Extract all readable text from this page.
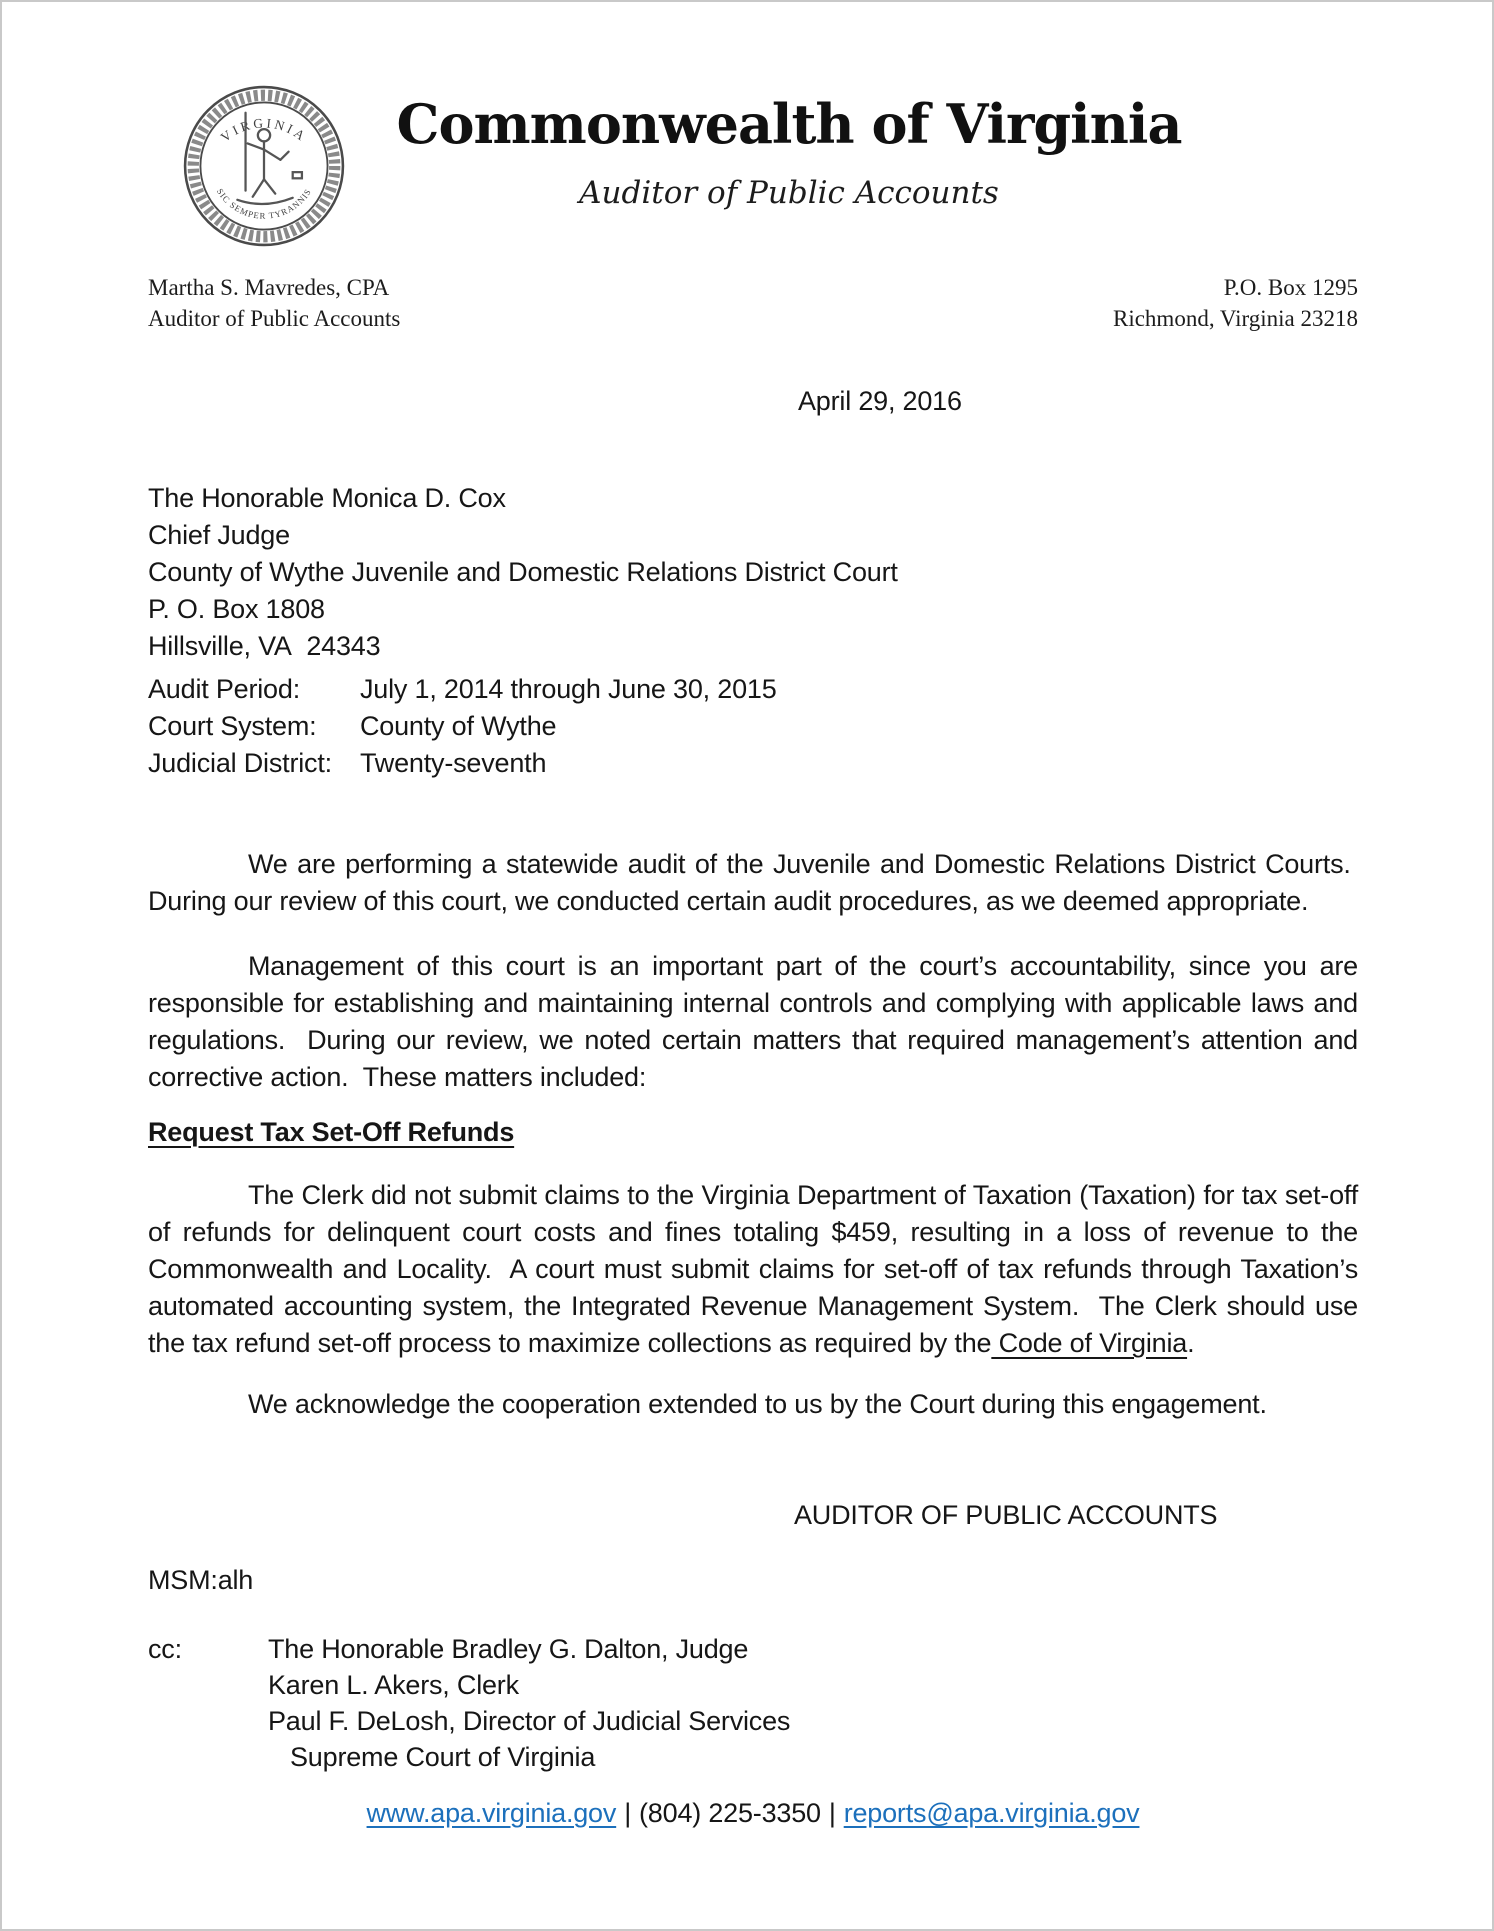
VIRGINIA
SIC SEMPER TYRANNIS
Commonwealth of Virginia
Auditor of Public Accounts
Martha S. Mavredes, CPA
Auditor of Public Accounts
P.O. Box 1295
Richmond, Virginia 23218
April 29, 2016
The Honorable Monica D. Cox
Chief Judge
County of Wythe Juvenile and Domestic Relations District Court
P. O. Box 1808
Hillsville, VA  24343
Audit Period:	July 1, 2014 through June 30, 2015
Court System:	County of Wythe
Judicial District:	Twenty-seventh

We are performing a statewide audit of the Juvenile and Domestic Relations District Courts.  During our review of this court, we conducted certain audit procedures, as we deemed appropriate.

Management of this court is an important part of the court’s accountability, since you are responsible for establishing and maintaining internal controls and complying with applicable laws and regulations.  During our review, we noted certain matters that required management’s attention and corrective action.  These matters included:

Request Tax Set-Off Refunds

The Clerk did not submit claims to the Virginia Department of Taxation (Taxation) for tax set-off of refunds for delinquent court costs and fines totaling $459, resulting in a loss of revenue to the Commonwealth and Locality.  A court must submit claims for set-off of tax refunds through Taxation’s automated accounting system, the Integrated Revenue Management System.  The Clerk should use the tax refund set-off process to maximize collections as required by the Code of Virginia.

We acknowledge the cooperation extended to us by the Court during this engagement.

AUDITOR OF PUBLIC ACCOUNTS
MSM:alh
cc:	The Honorable Bradley G. Dalton, Judge
Karen L. Akers, Clerk
Paul F. DeLosh, Director of Judicial Services
Supreme Court of Virginia
www.apa.virginia.gov | (804) 225-3350 | reports@apa.virginia.gov
